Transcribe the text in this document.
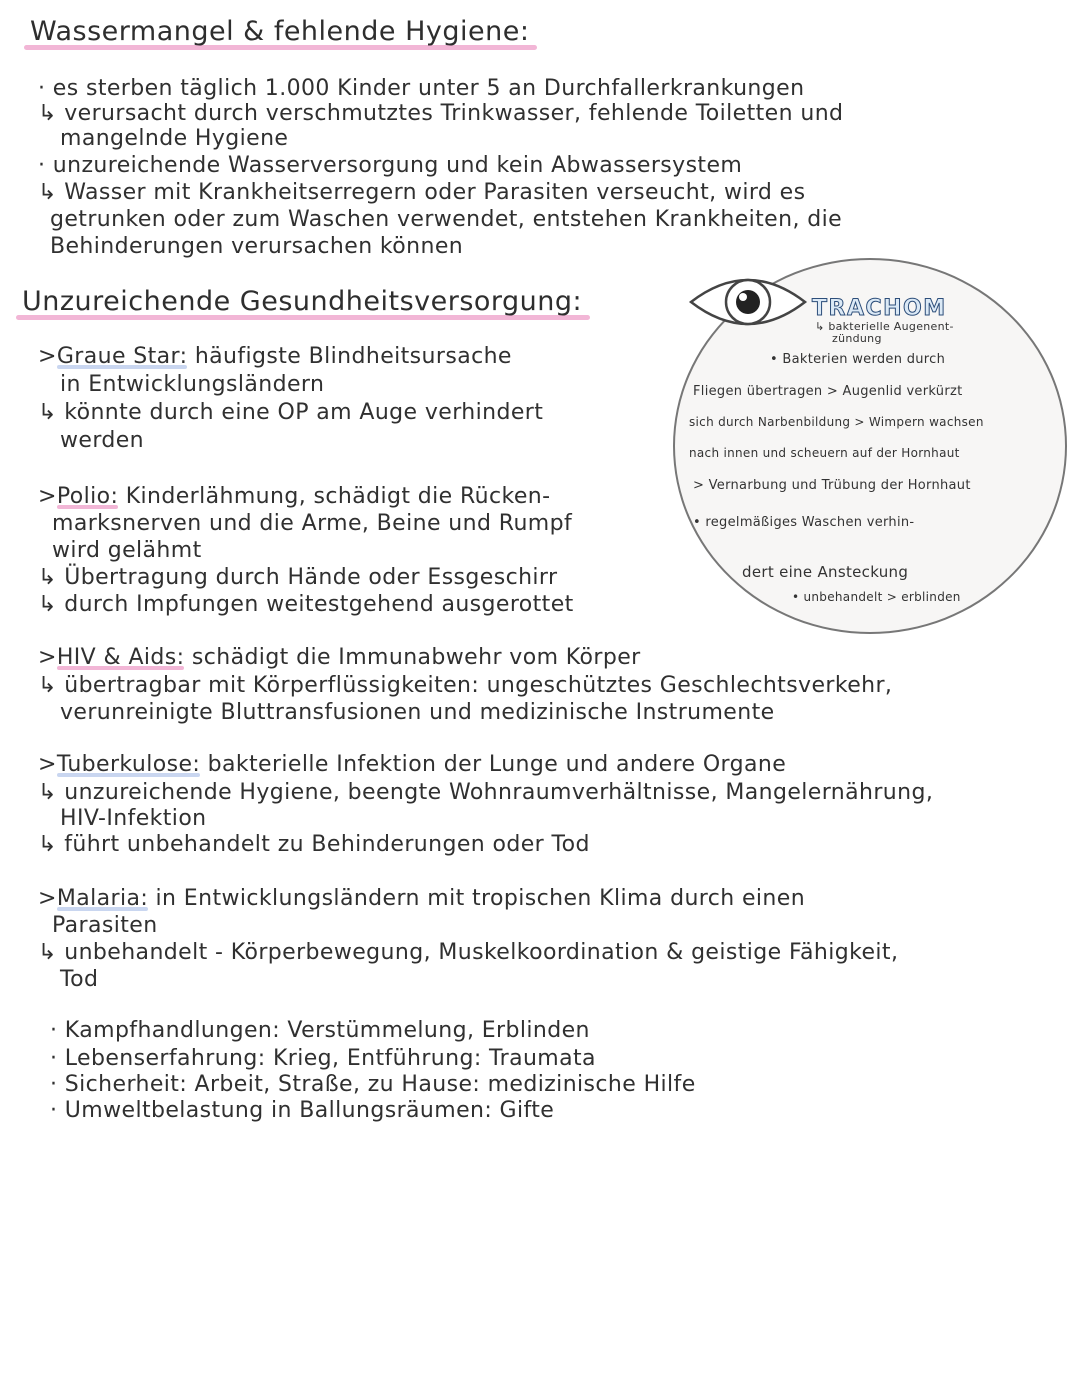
Wassermangel & fehlende Hygiene:
· es sterben täglich 1.000 Kinder unter 5 an Durchfallerkrankungen
↳ verursacht durch verschmutztes Trinkwasser, fehlende Toiletten und
mangelnde Hygiene
· unzureichende Wasserversorgung und kein Abwassersystem
↳ Wasser mit Krankheitserregern oder Parasiten verseucht, wird es
getrunken oder zum Waschen verwendet, entstehen Krankheiten, die
Behinderungen verursachen können
Unzureichende Gesundheitsversorgung:
>Graue Star:
häufigste Blindheitsursache
in Entwicklungsländern
↳ könnte durch eine OP am Auge verhindert
werden
>Polio:
Kinderlähmung, schädigt die Rücken-
marksnerven und die Arme, Beine und Rumpf
wird gelähmt
↳ Übertragung durch Hände oder Essgeschirr
↳ durch Impfungen weitestgehend ausgerottet
>HIV & Aids:
schädigt die Immunabwehr vom Körper
↳ übertragbar mit Körperflüssigkeiten: ungeschütztes Geschlechtsverkehr,
verunreinigte Bluttransfusionen und medizinische Instrumente
>Tuberkulose:
bakterielle Infektion der Lunge und andere Organe
↳ unzureichende Hygiene, beengte Wohnraumverhältnisse, Mangelernährung,
HIV-Infektion
↳ führt unbehandelt zu Behinderungen oder Tod
>Malaria:
in Entwicklungsländern mit tropischen Klima durch einen
Parasiten
↳ unbehandelt - Körperbewegung, Muskelkoordination & geistige Fähigkeit,
Tod
· Kampfhandlungen: Verstümmelung, Erblinden
· Lebenserfahrung: Krieg, Entführung: Traumata
· Sicherheit: Arbeit, Straße, zu Hause: medizinische Hilfe
· Umweltbelastung in Ballungsräumen: Gifte
TRACHOM
↳ bakterielle Augenent-
zündung
• Bakterien werden durch
Fliegen übertragen > Augenlid verkürzt
sich durch Narbenbildung > Wimpern wachsen
nach innen und scheuern auf der Hornhaut
> Vernarbung und Trübung der Hornhaut
• regelmäßiges Waschen verhin-
dert eine Ansteckung
• unbehandelt > erblinden
